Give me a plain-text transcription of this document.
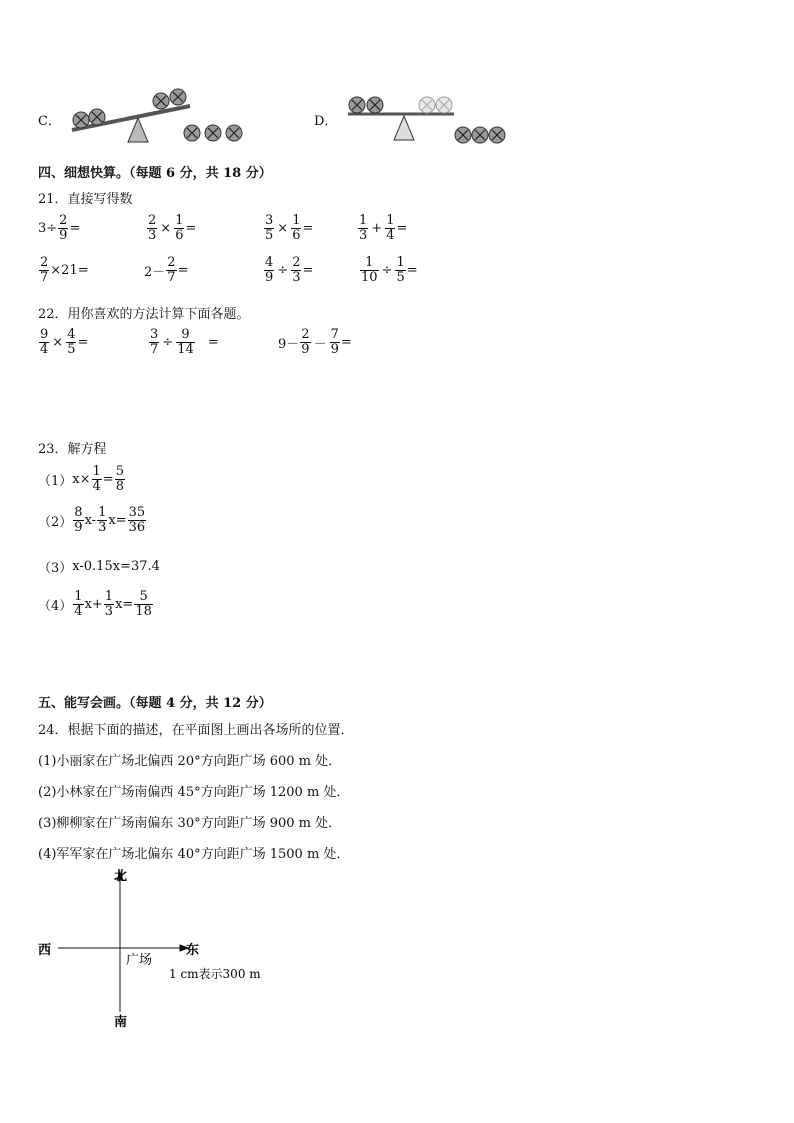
C．	D．
四、细想快算。（每题 6 分，共 18 分）
21．直接写得数
$3\div \frac{2}{9}$ =	$\frac{2}{3} \times \frac{1}{6}$ =	$\frac{3}{5} \times \frac{1}{6}$ =	$\frac{1}{3} + \frac{1}{4}$ =
$\frac{2}{7} \times 21=$	$2- \frac{2}{7}$ =	$\frac{4}{9} \div \frac{2}{3}$ =	$\frac{1}{10} \div \frac{1}{5}$ =
22．用你喜欢的方法计算下面各题。
$\frac{9}{4} \times \frac{4}{5}$ =	$\frac{3}{7} \div \frac{9}{14}$ =	$9- \frac{2}{9} - \frac{7}{9}$ =
23．解方程
（1） $x\times \frac{1}{4} = \frac{5}{8}$
$(2) \frac{8}{9} x- \frac{1}{3} x= \frac{35}{36}$
（3） x-0.15x=37.4
$(4) \frac{1}{4} x+ \frac{1}{3} x= \frac{5}{18}$
五、能写会画。（每题 4 分，共 12 分）
24．根据下面的描述，在平面图上画出各场所的位置．
(1)小丽家在广场北偏西 20°方向距广场 600 m 处．
(2)小林家在广场南偏西 45°方向距广场 1200 m 处．
(3)柳柳家在广场南偏东 30°方向距广场 900 m 处．
(4)军军家在广场北偏东 40°方向距广场 1500 m 处．
北
西	东
南
广场
1 cm表示300 m
